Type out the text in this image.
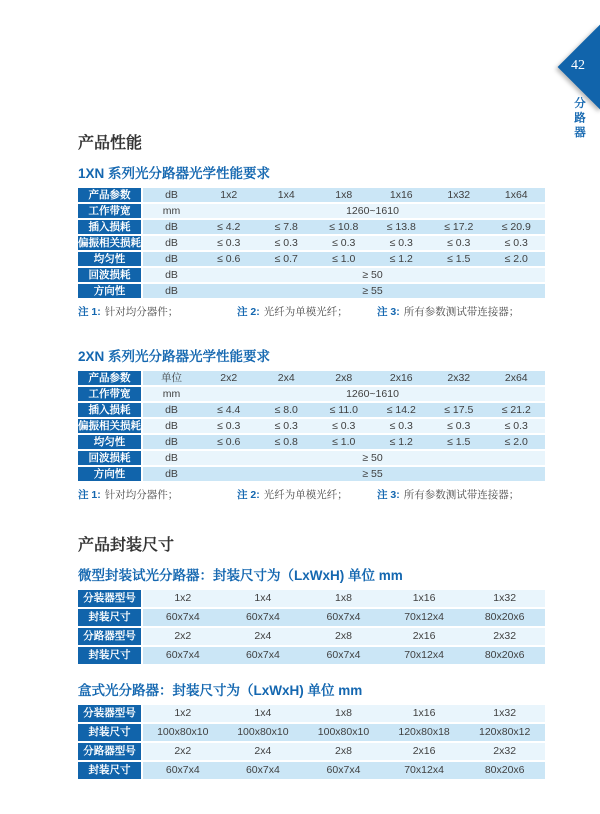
42
分路器
产品性能
1XN 系列光分路器光学性能要求
产品参数	dB	1x2	1x4	1x8	1x16	1x32	1x64
工作带宽	mm	1260~1610					
插入损耗	dB	≤ 4.2	≤ 7.8	≤ 10.8	≤ 13.8	≤ 17.2	≤ 20.9
偏振相关损耗	dB	≤ 0.3	≤ 0.3	≤ 0.3	≤ 0.3	≤ 0.3	≤ 0.3
均匀性	dB	≤ 0.6	≤ 0.7	≤ 1.0	≤ 1.2	≤ 1.5	≤ 2.0
回波损耗	dB	≥ 50					
方向性	dB	≥ 55					
注 1: 针对均分器件；	注 2: 光纤为单模光纤；	注 3: 所有参数测试带连接器；
2XN 系列光分路器光学性能要求
产品参数	单位	2x2	2x4	2x8	2x16	2x32	2x64
工作带宽	mm	1260~1610					
插入损耗	dB	≤ 4.4	≤ 8.0	≤ 11.0	≤ 14.2	≤ 17.5	≤ 21.2
偏振相关损耗	dB	≤ 0.3	≤ 0.3	≤ 0.3	≤ 0.3	≤ 0.3	≤ 0.3
均匀性	dB	≤ 0.6	≤ 0.8	≤ 1.0	≤ 1.2	≤ 1.5	≤ 2.0
回波损耗	dB	≥ 50					
方向性	dB	≥ 55					
注 1: 针对均分器件；	注 2: 光纤为单模光纤；	注 3: 所有参数测试带连接器；
产品封装尺寸
微型封装试光分路器：封装尺寸为（LxWxH) 单位 mm
分装器型号	1x2	1x4	1x8	1x16	1x32
封装尺寸	60x7x4	60x7x4	60x7x4	70x12x4	80x20x6
分路器型号	2x2	2x4	2x8	2x16	2x32
封装尺寸	60x7x4	60x7x4	60x7x4	70x12x4	80x20x6
盒式光分路器：封装尺寸为（LxWxH) 单位 mm
分装器型号	1x2	1x4	1x8	1x16	1x32
封装尺寸	100x80x10	100x80x10	100x80x10	120x80x18	120x80x12
分路器型号	2x2	2x4	2x8	2x16	2x32
封装尺寸	60x7x4	60x7x4	60x7x4	70x12x4	80x20x6
